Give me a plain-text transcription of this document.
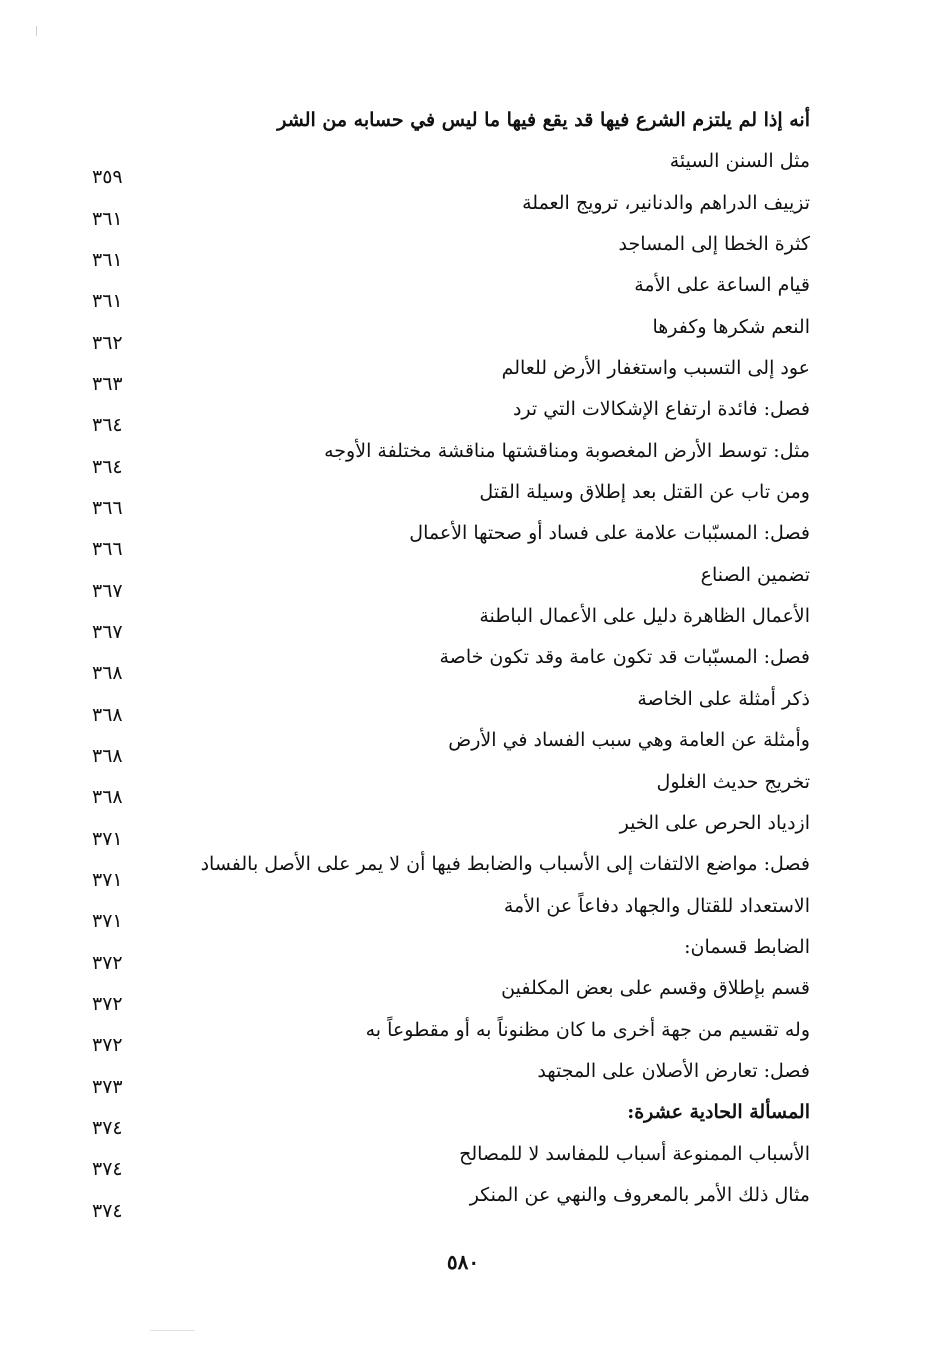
أنه إذا لم يلتزم الشرع فيها قد يقع فيها ما ليس في حسابه من الشر
مثل السنن السيئة
٣٥٩
تزييف الدراهم والدنانير، ترويج العملة
٣٦١
كثرة الخطا إلى المساجد
٣٦١
قيام الساعة على الأمة
٣٦١
النعم شكرها وكفرها
٣٦٢
عود إلى التسبب واستغفار الأرض للعالم
٣٦٣
فصل: فائدة ارتفاع الإشكالات التي ترد
٣٦٤
مثل: توسط الأرض المغصوبة ومناقشتها مناقشة مختلفة الأوجه
٣٦٤
ومن تاب عن القتل بعد إطلاق وسيلة القتل
٣٦٦
فصل: المسبّبات علامة على فساد أو صحتها الأعمال
٣٦٦
تضمين الصناع
٣٦٧
الأعمال الظاهرة دليل على الأعمال الباطنة
٣٦٧
فصل: المسبّبات قد تكون عامة وقد تكون خاصة
٣٦٨
ذكر أمثلة على الخاصة
٣٦٨
وأمثلة عن العامة وهي سبب الفساد في الأرض
٣٦٨
تخريج حديث الغلول
٣٦٨
ازدياد الحرص على الخير
٣٧١
فصل: مواضع الالتفات إلى الأسباب والضابط فيها أن لا يمر على الأصل بالفساد
٣٧١
الاستعداد للقتال والجهاد دفاعاً عن الأمة
٣٧١
الضابط قسمان:
٣٧٢
قسم بإطلاق وقسم على بعض المكلفين
٣٧٢
وله تقسيم من جهة أخرى ما كان مظنوناً به أو مقطوعاً به
٣٧٢
فصل: تعارض الأصلان على المجتهد
٣٧٣
المسألة الحادية عشرة:
٣٧٤
الأسباب الممنوعة أسباب للمفاسد لا للمصالح
٣٧٤
مثال ذلك الأمر بالمعروف والنهي عن المنكر
٣٧٤
٥٨٠
